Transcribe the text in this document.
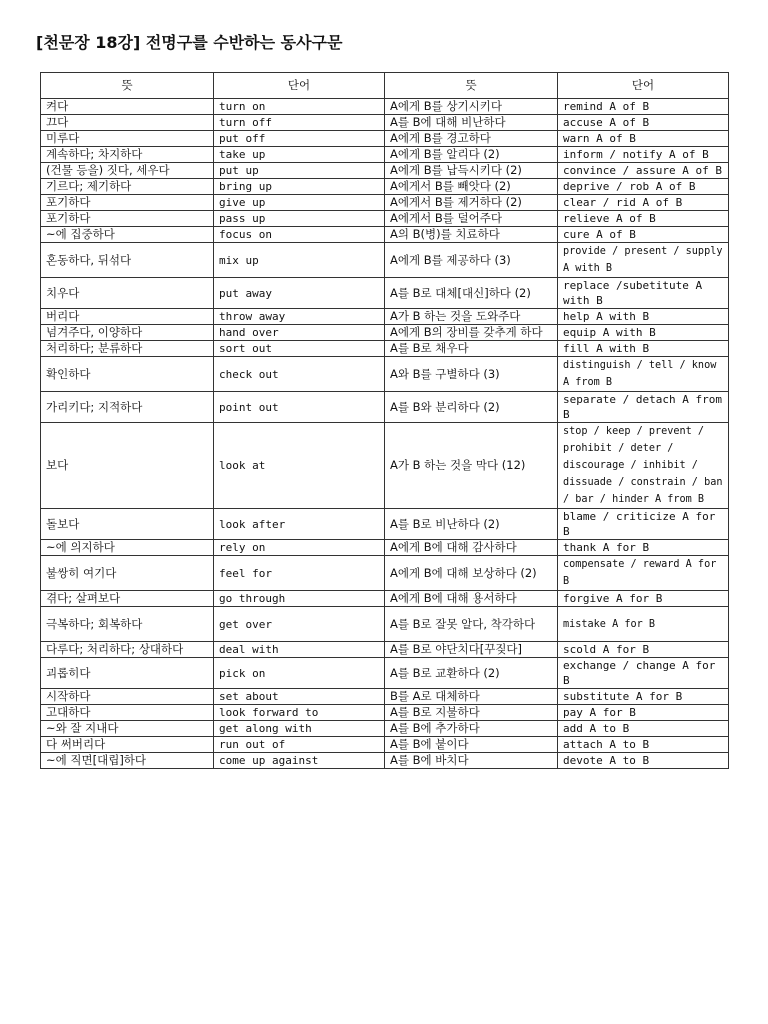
[천문장 18강] 전명구를 수반하는 동사구문
뜻	단어	뜻	단어
켜다	turn on	A에게 B를 상기시키다	remind A of B
끄다	turn off	A를 B에 대해 비난하다	accuse A of B
미루다	put off	A에게 B를 경고하다	warn A of B
계속하다; 차지하다	take up	A에게 B를 알리다 (2)	inform / notify A of B
(건물 등을) 짓다, 세우다	put up	A에게 B를 납득시키다 (2)	convince / assure A of B
기르다; 제기하다	bring up	A에게서 B를 빼앗다 (2)	deprive / rob A of B
포기하다	give up	A에게서 B를 제거하다 (2)	clear / rid A of B
포기하다	pass up	A에게서 B를 덜어주다	relieve A of B
~에 집중하다	focus on	A의 B(병)를 치료하다	cure A of B
혼동하다, 뒤섞다	mix up	A에게 B를 제공하다 (3)	provide / present / supply A with B
치우다	put away	A를 B로 대체[대신]하다 (2)	replace /subetitute A with B
버리다	throw away	A가 B 하는 것을 도와주다	help A with B
넘겨주다, 이양하다	hand over	A에게 B의 장비를 갖추게 하다	equip A with B
처리하다; 분류하다	sort out	A를 B로 채우다	fill A with B
확인하다	check out	A와 B를 구별하다 (3)	distinguish / tell / know A from B
가리키다; 지적하다	point out	A를 B와 분리하다 (2)	separate / detach A from B
보다	look at	A가 B 하는 것을 막다 (12)	stop / keep / prevent / prohibit / deter / discourage / inhibit / dissuade / constrain / ban / bar / hinder A from B
돌보다	look after	A를 B로 비난하다 (2)	blame / criticize A for B
~에 의지하다	rely on	A에게 B에 대해 감사하다	thank A for B
불쌍히 여기다	feel for	A에게 B에 대해 보상하다 (2)	compensate / reward A for B
겪다; 살펴보다	go through	A에게 B에 대해 용서하다	forgive A for B
극복하다; 회복하다	get over	A를 B로 잘못 알다, 착각하다	mistake A for B
다루다; 처리하다; 상대하다	deal with	A를 B로 야단치다[꾸짖다]	scold A for B
괴롭히다	pick on	A를 B로 교환하다 (2)	exchange / change A for B
시작하다	set about	B를 A로 대체하다	substitute A for B
고대하다	look forward to	A를 B로 지불하다	pay A for B
~와 잘 지내다	get along with	A를 B에 추가하다	add A to B
다 써버리다	run out of	A를 B에 붙이다	attach A to B
~에 직면[대립]하다	come up against	A를 B에 바치다	devote A to B
